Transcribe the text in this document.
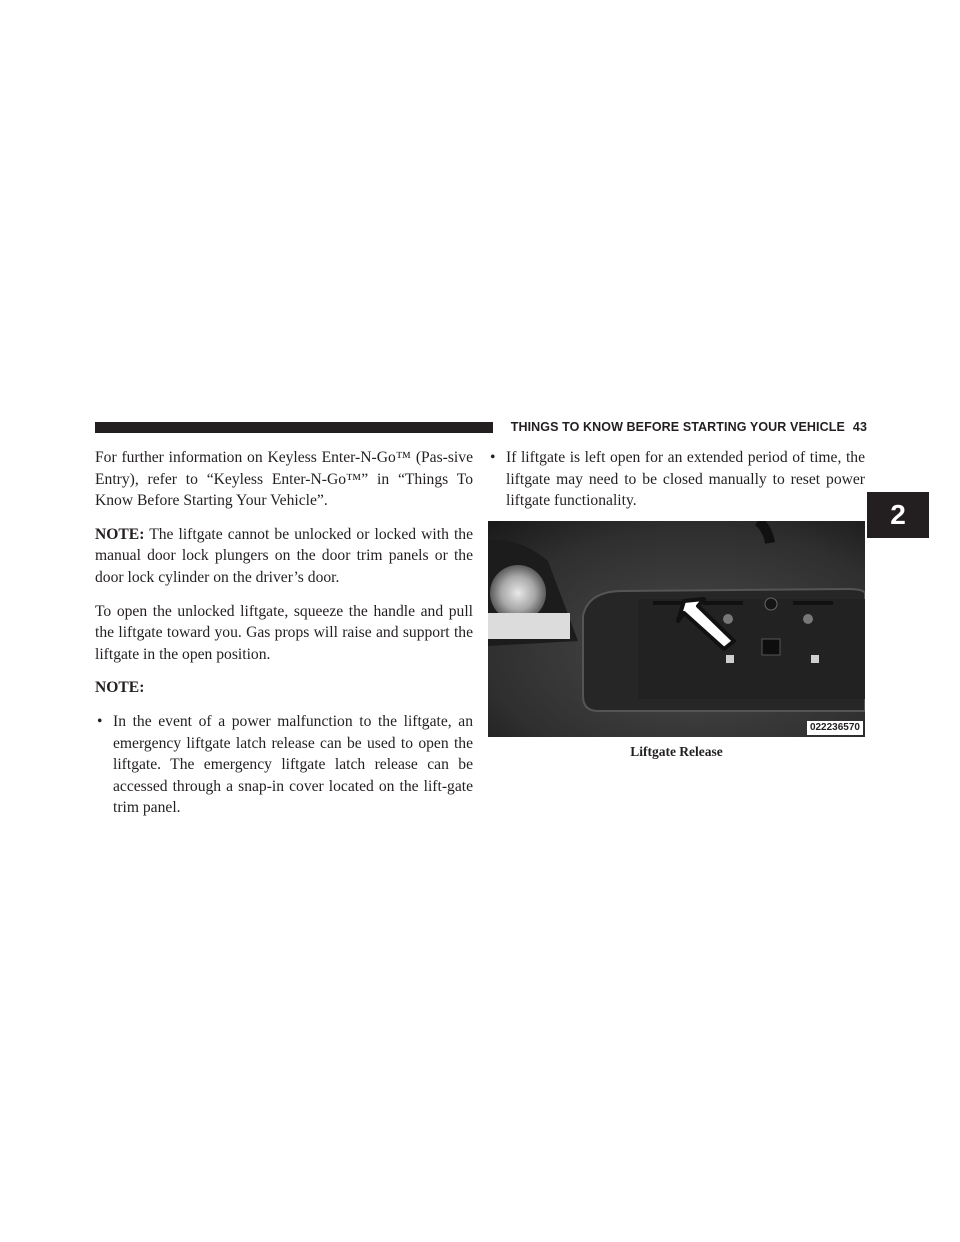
THINGS TO KNOW BEFORE STARTING YOUR VEHICLE 43
2

For further information on Keyless Enter-N-Go™ (Pas-sive Entry), refer to “Keyless Enter-N-Go™” in “Things To Know Before Starting Your Vehicle”.

NOTE: The liftgate cannot be unlocked or locked with the manual door lock plungers on the door trim panels or the door lock cylinder on the driver’s door.

To open the unlocked liftgate, squeeze the handle and pull the liftgate toward you. Gas props will raise and support the liftgate in the open position.

NOTE:

• In the event of a power malfunction to the liftgate, an emergency liftgate latch release can be used to open the liftgate. The emergency liftgate latch release can be accessed through a snap-in cover located on the lift-gate trim panel.
• If liftgate is left open for an extended period of time, the liftgate may need to be closed manually to reset power liftgate functionality.
022236570
Liftgate Release
